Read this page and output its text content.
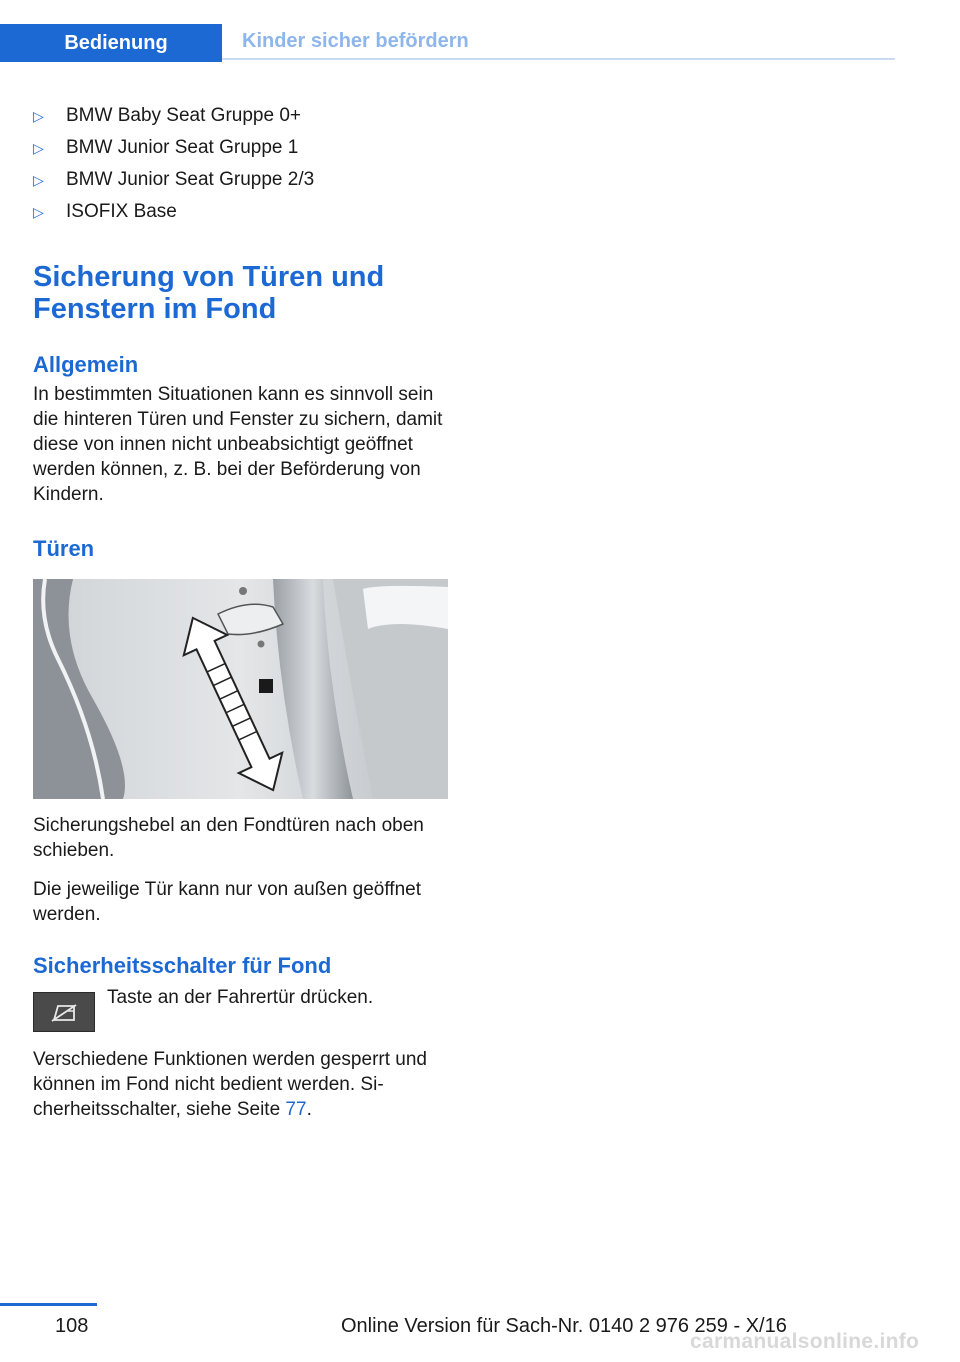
Bedienung	Kinder sicher befördern
▷ BMW Baby Seat Gruppe 0+
▷ BMW Junior Seat Gruppe 1
▷ BMW Junior Seat Gruppe 2/3
▷ ISOFIX Base
Sicherung von Türen und Fenstern im Fond
Allgemein

In bestimmten Situationen kann es sinnvoll sein die hinteren Türen und Fenster zu sichern, damit diese von innen nicht unbeabsichtigt geöffnet werden können, z. B. bei der Beförderung von Kindern.

Türen

Sicherungshebel an den Fondtüren nach oben schieben.

Die jeweilige Tür kann nur von außen geöffnet werden.

Sicherheitsschalter für Fond

Taste an der Fahrertür drücken.

Verschiedene Funktionen werden gesperrt und können im Fond nicht bedient werden. Sicherheitsschalter, siehe Seite 77.

108	Online Version für Sach-Nr. 0140 2 976 259 - X/16
carmanualsonline.info
